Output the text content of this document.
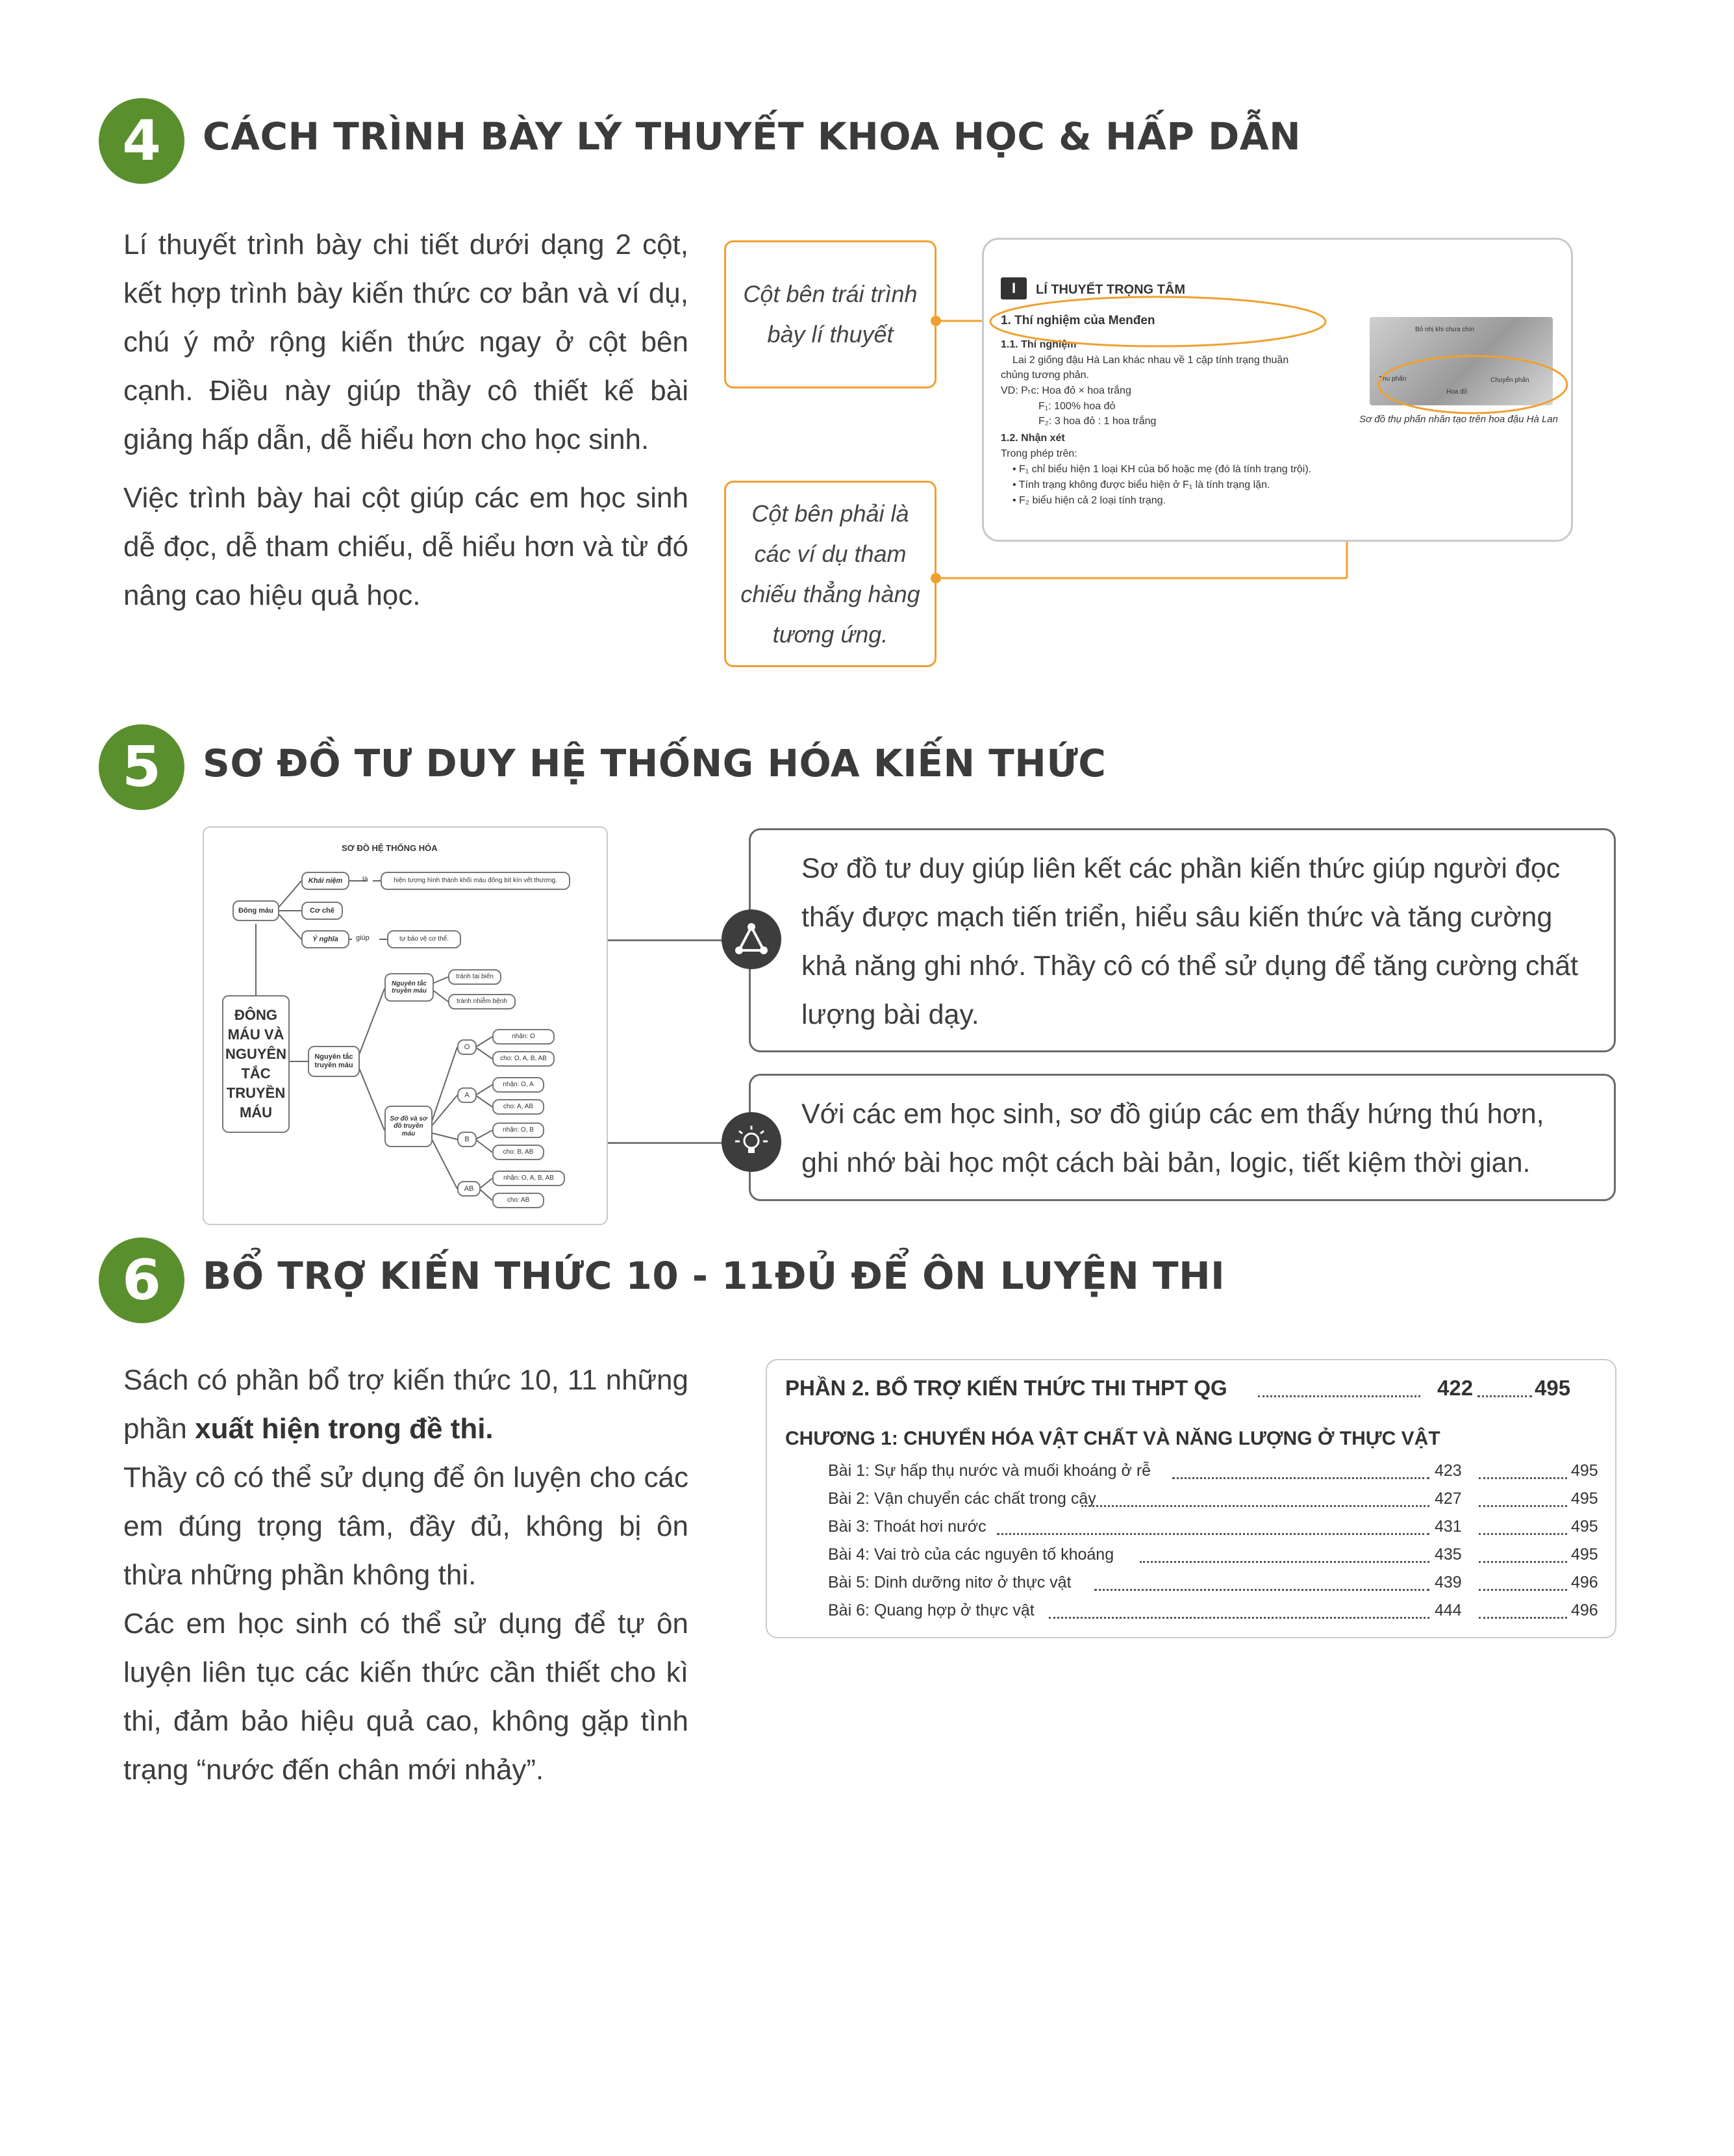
4	CÁCH TRÌNH BÀY LÝ THUYẾT KHOA HỌC & HẤP DẪN
Lí thuyết trình bày chi tiết dưới dạng 2 cột, kết hợp trình bày kiến thức cơ bản và ví dụ, chú ý mở rộng kiến thức ngay ở cột bên cạnh. Điều này giúp thầy cô thiết kế bài giảng hấp dẫn, dễ hiểu hơn cho học sinh.
Việc trình bày hai cột giúp các em học sinh dễ đọc, dễ tham chiếu, dễ hiểu hơn và từ đó nâng cao hiệu quả học.
Cột bên trái trình bày lí thuyết
Cột bên phải là các ví dụ tham chiếu thẳng hàng tương ứng.
I	LÍ THUYẾT TRỌNG TÂM
1. Thí nghiệm của Menđen
1.1. Thí nghiệm
Lai 2 giống đậu Hà Lan khác nhau về 1 cặp tính trạng thuần
chủng tương phản.
VD: Pₜc: Hoa đỏ × hoa trắng
F₁: 100% hoa đỏ
F₂: 3 hoa đỏ : 1 hoa trắng
1.2. Nhận xét
Trong phép trên:
• F₁ chỉ biểu hiện 1 loại KH của bố hoặc mẹ (đó là tính trạng trội).
• Tính trạng không được biểu hiện ở F₁ là tính trạng lặn.
• F₂ biểu hiện cả 2 loại tính trạng.
Bỏ nhị khi chưa chín
Thu phấn	Chuyển phấn
Hoa đỏ
Sơ đồ thụ phấn nhân tạo trên hoa đậu Hà Lan
5	SƠ ĐỒ TƯ DUY HỆ THỐNG HÓA KIẾN THỨC
SƠ ĐỒ HỆ THỐNG HÓA
ĐÔNG MÁU VÀ NGUYÊN TẮC TRUYỀN MÁU
Đông máu
Khái niệm	là	hiện tượng hình thành khối máu đông bít kín vết thương.
Cơ chế
Ý nghĩa	giúp	tự bảo vệ cơ thể.
Nguyên tắc truyền máu
Nguyên tắc truyền máu
tránh tai biến
tránh nhiễm bệnh
Sơ đồ và sơ đồ truyền máu
O
nhận: O
cho: O, A, B, AB
A
nhận: O, A
cho: A, AB
B
nhận: O, B
cho: B, AB
AB
nhận: O, A, B, AB
cho: AB
Sơ đồ tư duy giúp liên kết các phần kiến thức giúp người đọc thấy được mạch tiến triển, hiểu sâu kiến thức và tăng cường khả năng ghi nhớ. Thầy cô có thể sử dụng để tăng cường chất lượng bài dạy.
Với các em học sinh, sơ đồ giúp các em thấy hứng thú hơn, ghi nhớ bài học một cách bài bản, logic, tiết kiệm thời gian.
6	BỔ TRỢ KIẾN THỨC 10 - 11ĐỦ ĐỂ ÔN LUYỆN THI
Sách có phần bổ trợ kiến thức 10, 11 những phần xuất hiện trong đề thi.
Thầy cô có thể sử dụng để ôn luyện cho các em đúng trọng tâm, đầy đủ, không bị ôn thừa những phần không thi.
Các em học sinh có thể sử dụng để tự ôn luyện liên tục các kiến thức cần thiết cho kì thi, đảm bảo hiệu quả cao, không gặp tình trạng “nước đến chân mới nhảy”.
PHẦN 2. BỔ TRỢ KIẾN THỨC THI THPT QG	422	495
CHƯƠNG 1: CHUYỂN HÓA VẬT CHẤT VÀ NĂNG LƯỢNG Ở THỰC VẬT
Bài 1: Sự hấp thụ nước và muối khoáng ở rễ	423	495
Bài 2: Vận chuyển các chất trong cây	427	495
Bài 3: Thoát hơi nước	431	495
Bài 4: Vai trò của các nguyên tố khoáng	435	495
Bài 5: Dinh dưỡng nitơ ở thực vật	439	496
Bài 6: Quang hợp ở thực vật	444	496
